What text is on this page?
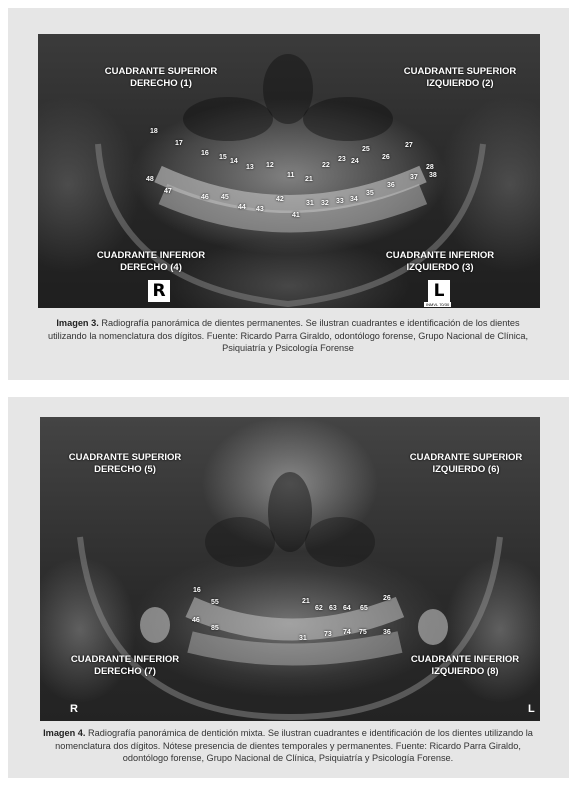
CUADRANTE SUPERIOR
DERECHO (1)
CUADRANTE SUPERIOR
IZQUIERDO (2)
CUADRANTE INFERIOR
DERECHO (4)
CUADRANTE INFERIOR
IZQUIERDO (3)
18
17
16
15
14
13 12
11
21
22
23 24
25
26
27
28
48
47
46 45
44 43
42
41
31 32 33 34
35
36
37 38
R	L
INMVL 70/30
Imagen 3. Radiografía panorámica de dientes permanentes. Se ilustran cuadrantes e identificación de los dientes utilizando la nomenclatura dos dígitos. Fuente: Ricardo Parra Giraldo, odontólogo forense, Grupo Nacional de Clínica, Psiquiatría y Psicología Forense
CUADRANTE SUPERIOR
DERECHO (5)
CUADRANTE SUPERIOR
IZQUIERDO (6)
CUADRANTE INFERIOR
DERECHO (7)
CUADRANTE INFERIOR
IZQUIERDO (8)
16
55	21
62 63 64 65
26
46
85
31
73 74 75 36
R	L
Imagen 4. Radiografía panorámica de dentición mixta. Se ilustran cuadrantes e identificación de los dientes utilizando la nomenclatura dos dígitos. Nótese presencia de dientes temporales y permanentes. Fuente: Ricardo Parra Giraldo, odontólogo forense, Grupo Nacional de Clínica, Psiquiatría y Psicología Forense.
